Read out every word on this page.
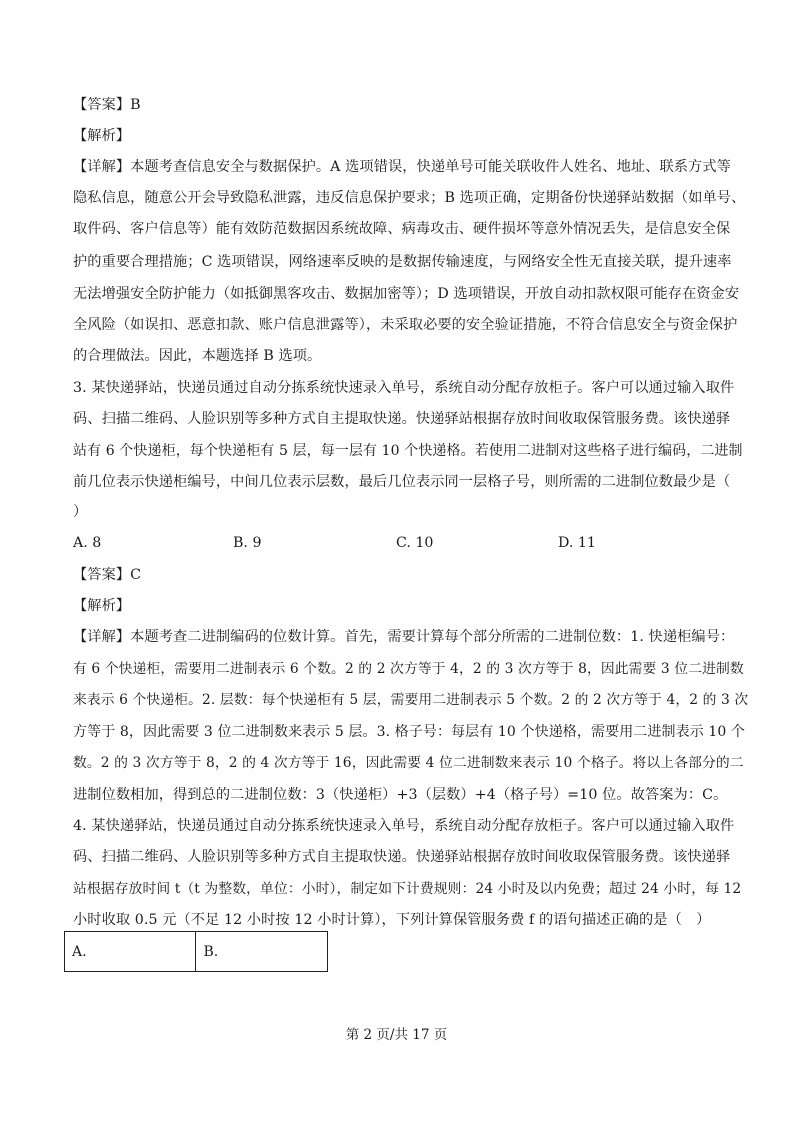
【答案】B
【解析】
【详解】本题考查信息安全与数据保护。A 选项错误，快递单号可能关联收件人姓名、地址、联系方式等
隐私信息，随意公开会导致隐私泄露，违反信息保护要求；B 选项正确，定期备份快递驿站数据（如单号、
取件码、客户信息等）能有效防范数据因系统故障、病毒攻击、硬件损坏等意外情况丢失，是信息安全保
护的重要合理措施；C 选项错误，网络速率反映的是数据传输速度，与网络安全性无直接关联，提升速率
无法增强安全防护能力（如抵御黑客攻击、数据加密等）；D 选项错误，开放自动扣款权限可能存在资金安
全风险（如误扣、恶意扣款、账户信息泄露等），未采取必要的安全验证措施，不符合信息安全与资金保护
的合理做法。因此，本题选择 B 选项。
3. 某快递驿站，快递员通过自动分拣系统快速录入单号，系统自动分配存放柜子。客户可以通过输入取件
码、扫描二维码、人脸识别等多种方式自主提取快递。快递驿站根据存放时间收取保管服务费。该快递驿
站有 6 个快递柜，每个快递柜有 5 层，每一层有 10 个快递格。若使用二进制对这些格子进行编码，二进制
前几位表示快递柜编号，中间几位表示层数，最后几位表示同一层格子号，则所需的二进制位数最少是（
）
A. 8	B. 9	C. 10	D. 11
【答案】C
【解析】
【详解】本题考查二进制编码的位数计算。首先，需要计算每个部分所需的二进制位数：1. 快递柜编号：
有 6 个快递柜，需要用二进制表示 6 个数。2 的 2 次方等于 4，2 的 3 次方等于 8，因此需要 3 位二进制数
来表示 6 个快递柜。2. 层数：每个快递柜有 5 层，需要用二进制表示 5 个数。2 的 2 次方等于 4，2 的 3 次
方等于 8，因此需要 3 位二进制数来表示 5 层。3. 格子号：每层有 10 个快递格，需要用二进制表示 10 个
数。2 的 3 次方等于 8，2 的 4 次方等于 16，因此需要 4 位二进制数来表示 10 个格子。将以上各部分的二
进制位数相加，得到总的二进制位数：3（快递柜）+3（层数）+4（格子号）=10 位。故答案为：C。
4. 某快递驿站，快递员通过自动分拣系统快速录入单号，系统自动分配存放柜子。客户可以通过输入取件
码、扫描二维码、人脸识别等多种方式自主提取快递。快递驿站根据存放时间收取保管服务费。该快递驿
站根据存放时间 t（t 为整数，单位：小时），制定如下计费规则：24 小时及以内免费；超过 24 小时，每 12
小时收取 0.5 元（不足 12 小时按 12 小时计算），下列计算保管服务费 f 的语句描述正确的是（　）
A.	B.
第 2 页/共 17 页
